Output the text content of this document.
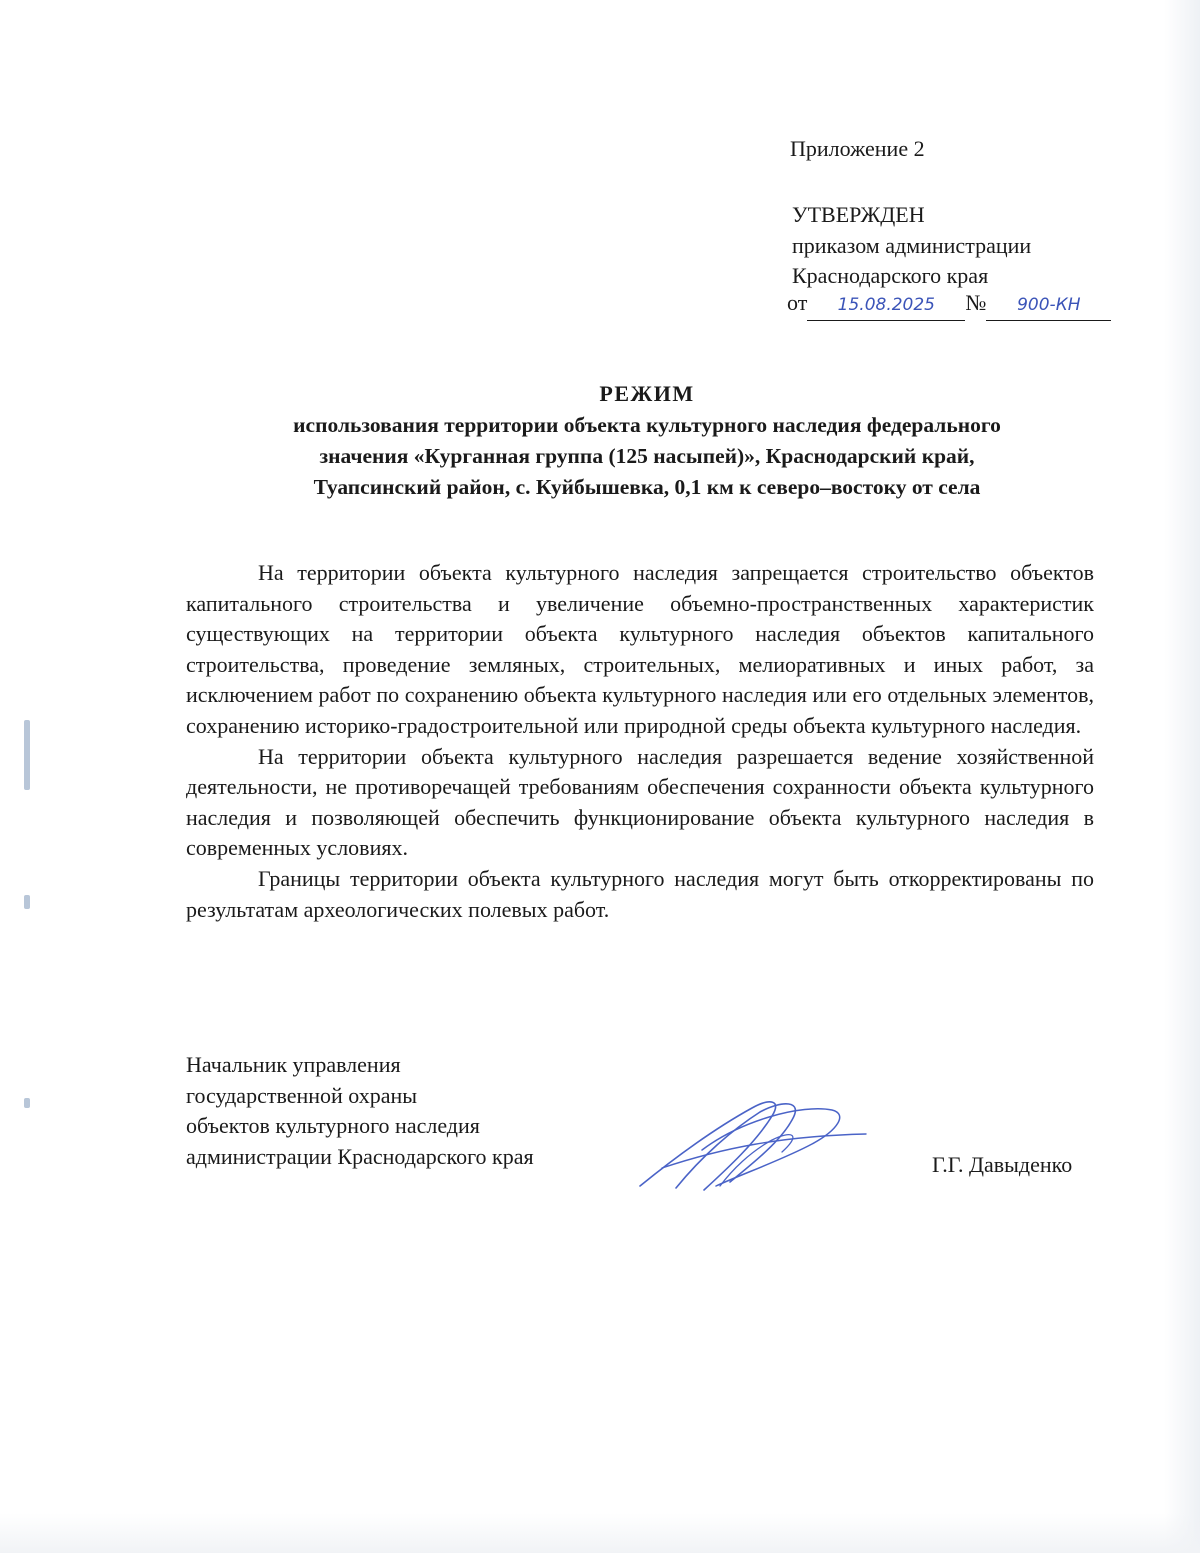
Приложение 2
УТВЕРЖДЕН
приказом администрации
Краснодарского края
от 15.08.2025 № 900-КН
РЕЖИМ
использования территории объекта культурного наследия федерального
значения «Курганная группа (125 насыпей)», Краснодарский край,
Туапсинский район, с. Куйбышевка, 0,1 км к северо–востоку от села

На территории объекта культурного наследия запрещается строительство объектов капитального строительства и увеличение объемно-пространственных характеристик существующих на территории объекта культурного наследия объектов капитального строительства, проведение земляных, строительных, мелиоративных и иных работ, за исключением работ по сохранению объекта культурного наследия или его отдельных элементов, сохранению историко-градостроительной или природной среды объекта культурного наследия.

На территории объекта культурного наследия разрешается ведение хозяйственной деятельности, не противоречащей требованиям обеспечения сохранности объекта культурного наследия и позволяющей обеспечить функционирование объекта культурного наследия в современных условиях.

Границы территории объекта культурного наследия могут быть откорректированы по результатам археологических полевых работ.

Начальник управления
государственной охраны
объектов культурного наследия
администрации Краснодарского края	Г.Г. Давыденко
